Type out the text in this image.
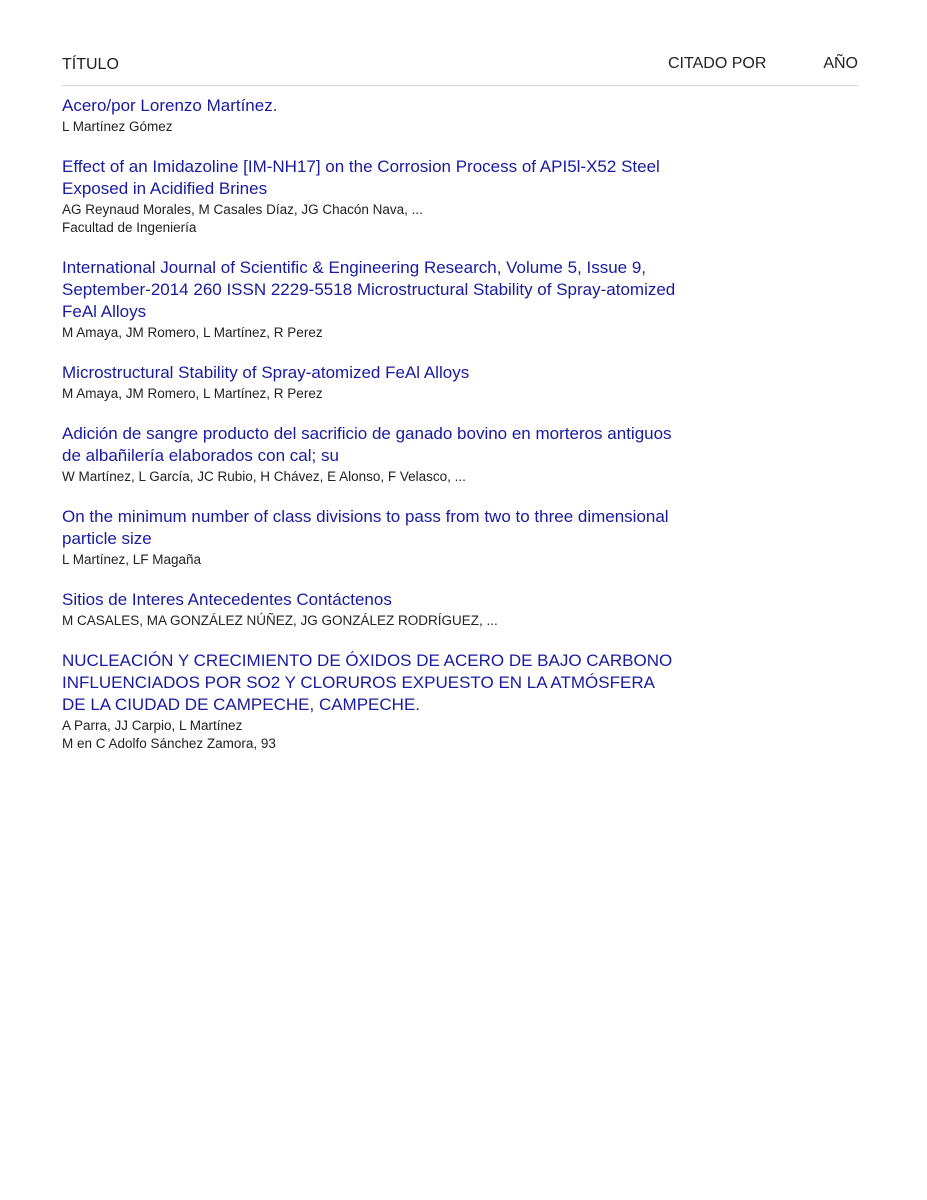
TÍTULO	CITADO POR	AÑO
Acero/por Lorenzo Martínez.
L Martínez Gómez
Effect of an Imidazoline [IM-NH17] on the Corrosion Process of API5l-X52 Steel Exposed in Acidified Brines
AG Reynaud Morales, M Casales Díaz, JG Chacón Nava, ...
Facultad de Ingeniería
International Journal of Scientific & Engineering Research, Volume 5, Issue 9, September-2014 260 ISSN 2229-5518 Microstructural Stability of Spray-atomized FeAl Alloys
M Amaya, JM Romero, L Martínez, R Perez
Microstructural Stability of Spray-atomized FeAl Alloys
M Amaya, JM Romero, L Martínez, R Perez
Adición de sangre producto del sacrificio de ganado bovino en morteros antiguos de albañilería elaborados con cal; su
W Martínez, L García, JC Rubio, H Chávez, E Alonso, F Velasco, ...
On the minimum number of class divisions to pass from two to three dimensional particle size
L Martínez, LF Magaña
Sitios de Interes Antecedentes Contáctenos
M CASALES, MA GONZÁLEZ NÚÑEZ, JG GONZÁLEZ RODRÍGUEZ, ...
NUCLEACIÓN Y CRECIMIENTO DE ÓXIDOS DE ACERO DE BAJO CARBONO INFLUENCIADOS POR SO2 Y CLORUROS EXPUESTO EN LA ATMÓSFERA DE LA CIUDAD DE CAMPECHE, CAMPECHE.
A Parra, JJ Carpio, L Martínez
M en C Adolfo Sánchez Zamora, 93
